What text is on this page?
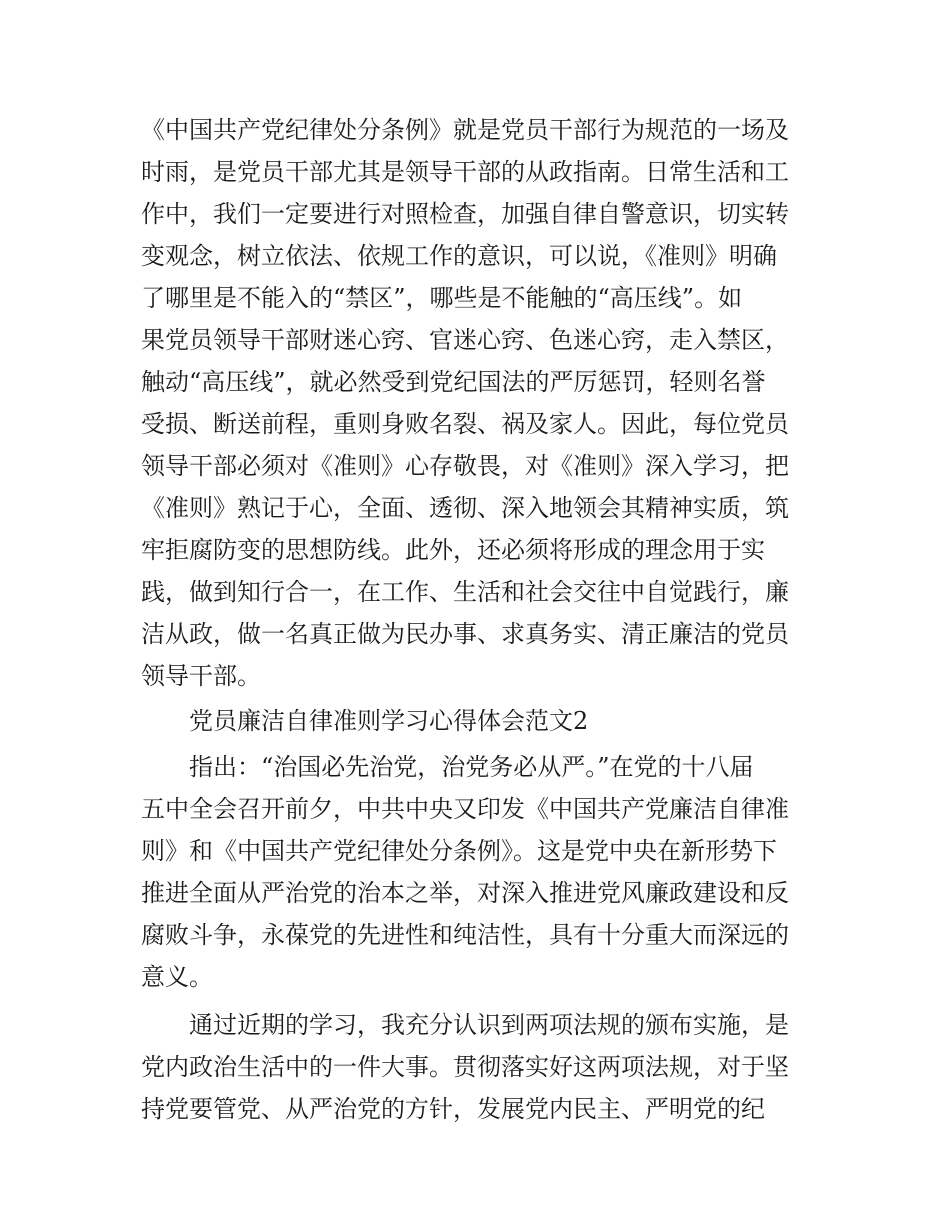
《中国共产党纪律处分条例》就是党员干部行为规范的一场及
时雨，是党员干部尤其是领导干部的从政指南。日常生活和工
作中，我们一定要进行对照检查，加强自律自警意识，切实转
变观念，树立依法、依规工作的意识，可以说，《准则》明确
了哪里是不能入的“禁区”，哪些是不能触的“高压线”。如
果党员领导干部财迷心窍、官迷心窍、色迷心窍，走入禁区，
触动“高压线”，就必然受到党纪国法的严厉惩罚，轻则名誉
受损、断送前程，重则身败名裂、祸及家人。因此，每位党员
领导干部必须对《准则》心存敬畏，对《准则》深入学习，把
《准则》熟记于心，全面、透彻、深入地领会其精神实质，筑
牢拒腐防变的思想防线。此外，还必须将形成的理念用于实
践，做到知行合一，在工作、生活和社会交往中自觉践行，廉
洁从政，做一名真正做为民办事、求真务实、清正廉洁的党员
领导干部。
党员廉洁自律准则学习心得体会范文2
指出：“治国必先治党，治党务必从严。”在党的十八届
五中全会召开前夕，中共中央又印发《中国共产党廉洁自律准
则》和《中国共产党纪律处分条例》。这是党中央在新形势下
推进全面从严治党的治本之举，对深入推进党风廉政建设和反
腐败斗争，永葆党的先进性和纯洁性，具有十分重大而深远的
意义。
通过近期的学习，我充分认识到两项法规的颁布实施，是
党内政治生活中的一件大事。贯彻落实好这两项法规，对于坚
持党要管党、从严治党的方针，发展党内民主、严明党的纪
